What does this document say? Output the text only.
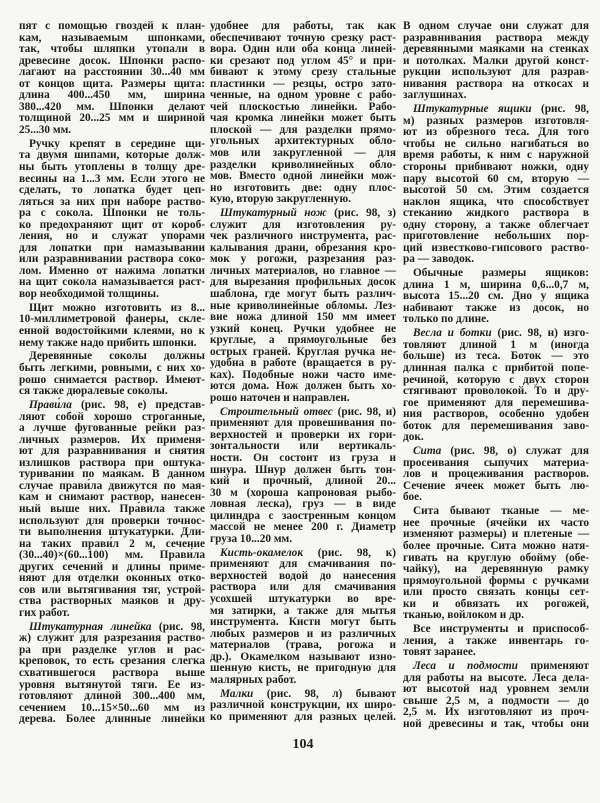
пят с помощью гвоздей к план-
кам, называемым шпонками,
так, чтобы шляпки утопали в
древесине досок. Шпонки распо-
лагают на расстоянии 30...40 мм
от концов щита. Размеры щита:
длина 400...450 мм, ширина
380...420 мм. Шпонки делают
толщиной 20...25 мм и шириной
25...30 мм.
Ручку крепят в середине щи-
та двумя шипами, которые долж-
ны быть утоплены в толщу дре-
весины на 1...3 мм. Если этого не
сделать, то лопатка будет цеп-
ляться за них при наборе раство-
ра с сокола. Шпонки не толь-
ко предохраняют щит от короб-
ления, но и служат упорами
для лопатки при намазывании
или разравнивании раствора соко-
лом. Именно от нажима лопатки
на щит сокола намазывается раст-
вор необходимой толщины.
Щит можно изготовить из 8...
10-миллиметровой фанеры, скле-
енной водостойкими клеями, но к
нему также надо прибить шпонки.
Деревянные соколы должны
быть легкими, ровными, с них хо-
рошо снимается раствор. Имеют-
ся также дюралевые соколы.
Прави́ла (рис. 98, е) представ-
ляют собой хорошо строганные,
а лучше фугованные рейки раз-
личных размеров. Их применя-
ют для разравнивания и снятия
излишков раствора при оштука-
туривании по маякам. В данном
случае прави́ла движутся по мая-
кам и снимают раствор, нанесен-
ный выше них. Пра́вила также
используют для проверки точнос-
ти выполнения штукатурки. Дли-
на таких прави́л 2 м, сечение
(30...40)×(60...100) мм. Прави́ла
других сечений и длины приме-
няют для отделки оконных отко-
сов или вытягивания тяг, устрой-
ства растворных маяков и дру-
гих работ.
Штукатурная линейка (рис. 98,
ж) служит для разрезания раство-
ра при разделке углов и рас-
креповок, то есть срезания слегка
схватившегося раствора выше
уровня вытянутой тяги. Ее из-
готовляют длиной 300...400 мм,
сечением 10...15×50...60 мм из
дерева. Более длинные линейки
удобнее для работы, так как
обеспечивают точную срезку раст-
вора. Один или оба конца линей-
ки срезают под углом 45° и при-
бивают к этому срезу стальные
пластинки — резцы, остро зато-
ченные, на одном уровне с рабо-
чей плоскостью линейки. Рабо-
чая кромка линейки может быть
плоской — для разделки прямо-
угольных архитектурных обло-
мов или закругленной — для
разделки криволинейных обло-
мов. Вместо одной линейки мож-
но изготовить две: одну плос-
кую, вторую закругленную.
Штукатурный нож (рис. 98, з)
служит для изготовления ру-
чек различного инструмента, рас-
калывания драни, обрезания кро-
мок у рогожи, разрезания раз-
личных материалов, но главное —
для вырезания профильных досок
шаблона, где могут быть различ-
ные криволинейные обломы. Лез-
вие ножа длиной 150 мм имеет
узкий конец. Ручки удобнее не
круглые, а прямоугольные без
острых граней. Круглая ручка не-
удобна в работе (вращается в ру-
ках). Подобные ножи часто име-
ются дома. Нож должен быть хо-
рошо наточен и направлен.
Строительный отвес (рис. 98, и)
применяют для провешивания по-
верхностей и проверки их гори-
зонтальности или вертикаль-
ности. Он состоит из груза и
шнура. Шнур должен быть тон-
кий и прочный, длиной 20...
30 м (хороша капроновая рыбо-
ловная леска), груз — в виде
цилиндра с заостренным концом
массой не менее 200 г. Диаметр
груза 10...20 мм.
Кисть-окамелок (рис. 98, к)
применяют для смачивания по-
верхностей водой до нанесения
раствора или для смачивания
усохшей штукатурки во вре-
мя затирки, а также для мытья
инструмента. Кисти могут быть
любых размеров и из различных
материалов (трава, рогожа и
др.). Окамелком называют изно-
шенную кисть, не пригодную для
малярных работ.
Малки (рис. 98, л) бывают
различной конструкции, их широ-
ко применяют для разных целей.
В одном случае они служат для
разравнивания раствора между
деревянными маяками на стенках
и потолках. Малки другой конст-
рукции используют для разрав-
нивания раствора на откосах и
заглушинах.
Штукатурные ящики (рис. 98,
м) разных размеров изготовля-
ют из обрезного теса. Для того
чтобы не сильно нагибаться во
время работы, к ним с наружной
стороны прибивают ножки, одну
пару высотой 60 см, вторую —
высотой 50 см. Этим создается
наклон ящика, что способствует
стеканию жидкого раствора в
одну сторону, а также облегчает
приготовление небольших пор-
ций известково-гипсового раство-
ра — заводок.
Обычные размеры ящиков:
длина 1 м, ширина 0,6...0,7 м,
высота 15...20 см. Дно у ящика
набивают также из досок, но
только по длине.
Весла и ботки (рис. 98, н) изго-
товляют длиной 1 м (иногда
больше) из теса. Боток — это
длинная палка с прибитой попе-
речиной, которую с двух сторон
стягивают проволокой. То и дру-
гое применяют для перемешива-
ния растворов, особенно удобен
боток для перемешивания заво-
док.
Сита (рис. 98, о) служат для
просеивания сыпучих материа-
лов и процеживания растворов.
Сечение ячеек может быть лю-
бое.
Сита бывают тканые — ме-
нее прочные (ячейки их часто
изменяют размеры) и плетеные —
более прочные. Сита можно натя-
гивать на круглую обойму (обе-
чайку), на деревянную рамку
прямоугольной формы с ручками
или просто связать концы сет-
ки и обвязать их рогожей,
тканью, войлоком и др.
Все инструменты и приспособ-
ления, а также инвентарь го-
товят заранее.
Леса и подмости применяют
для работы на высоте. Леса дела-
ют высотой над уровнем земли
свыше 2,5 м, а подмости — до
2,5 м. Их изготовляют из проч-
ной древесины и так, чтобы они
104
